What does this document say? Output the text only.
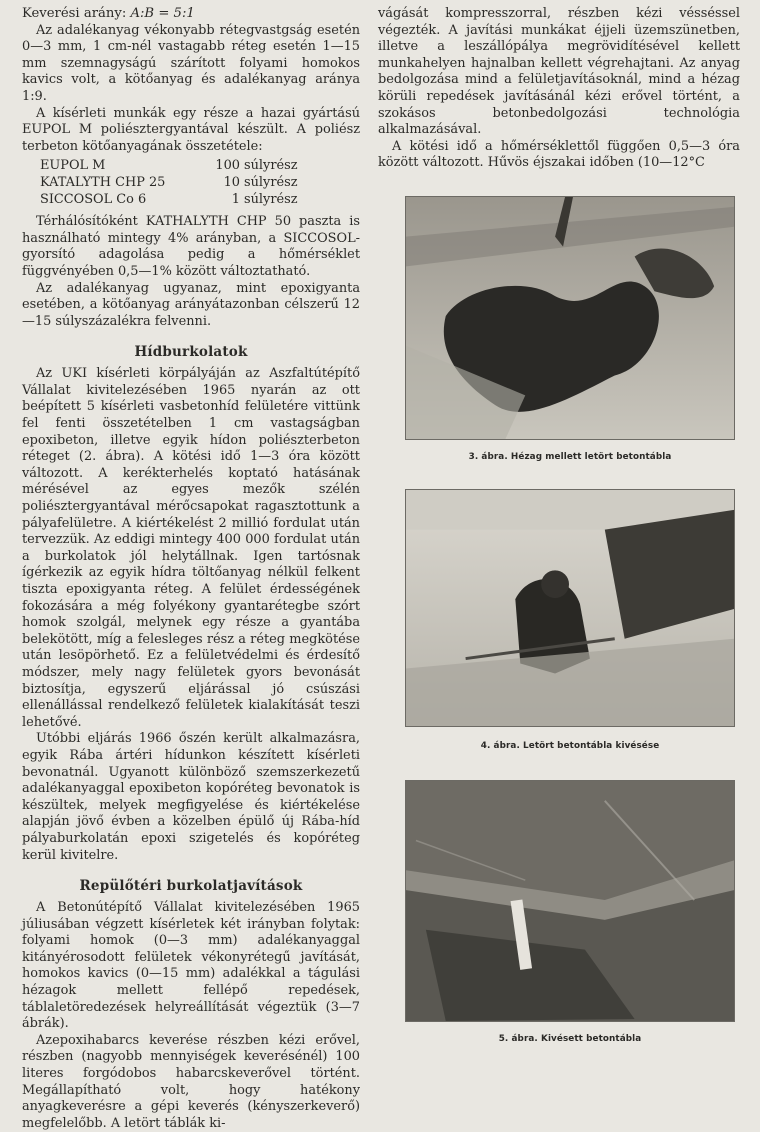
Keverési arány: A:B = 5:1

Az adalékanyag vékonyabb rétegvastgság esetén 0—3 mm, 1 cm-nél vastagabb réteg esetén 1—15 mm szemnagyságú szárított folyami homokos kavics volt, a kötőanyag és adalékanyag aránya 1:9.

A kísérleti munkák egy része a hazai gyártású EUPOL M poliésztergyantával készült. A poliész terbeton kötőanyagának összetétele:

EUPOL M	100	súlyrész
KATALYTH CHP 25	10	súlyrész
SICCOSOL Co 6	1	súlyrész

Térhálósítóként KATHALYTH CHP 50 paszta is használható mintegy 4% arányban, a SICCOSOL-gyorsító adagolása pedig a hőmérséklet függvényében 0,5—1% között változtatható.

Az adalékanyag ugyanaz, mint epoxigyanta esetében, a kötőanyag arányátazonban célszerű 12—15 súlyszázalékra felvenni.

Hídburkolatok

Az UKI kísérleti körpályáján az Aszfaltútépítő Vállalat kivitelezésében 1965 nyarán az ott beépített 5 kísérleti vasbetonhíd felületére vittünk fel fenti összetételben 1 cm vastagságban epoxibeton, illetve egyik hídon poliészterbeton réteget (2. ábra). A kötési idő 1—3 óra között változott. A kerékterhelés koptató hatásának mérésével az egyes mezők szélén poliésztergyantával mérőcsapokat ragasztottunk a pályafelületre. A kiértékelést 2 millió fordulat után tervezzük. Az eddigi mintegy 400 000 fordulat után a burkolatok jól helytállnak. Igen tartósnak ígérkezik az egyik hídra töltőanyag nélkül felkent tiszta epoxigyanta réteg. A felület érdességének fokozására a még folyékony gyantarétegbe szórt homok szolgál, melynek egy része a gyantába belekötött, míg a felesleges rész a réteg megkötése után lesöpörhető. Ez a felületvédelmi és érdesítő módszer, mely nagy felületek gyors bevonását biztosítja, egyszerű eljárással jó csúszási ellenállással rendelkező felületek kialakítását teszi lehetővé.

Utóbbi eljárás 1966 őszén került alkalmazásra, egyik Rába ártéri hídunkon készített kísérleti bevonatnál. Ugyanott különböző szemszerkezetű adalékanyaggal epoxibeton kopóréteg bevonatok is készültek, melyek megfigyelése és kiértékelése alapján jövő évben a közelben épülő új Rába-híd pályaburkolatán epoxi szigetelés és kopóréteg kerül kivitelre.

Repülőtéri burkolatjavítások

A Betonútépítő Vállalat kivitelezésében 1965 júliusában végzett kísérletek két irányban folytak: folyami homok (0—3 mm) adalékanyaggal kitányérosodott felületek vékonyrétegű javítását, homokos kavics (0—15 mm) adalékkal a tágulási hézagok mellett fellépő repedések, táblaletöredezések helyreállítását végeztük (3—7 ábrák).

Azepoxihabarcs keverése részben kézi erővel, részben (nagyobb mennyiségek keverésénél) 100 literes forgódobos habarcskeverővel történt. Megállapítható volt, hogy hatékony anyagkeverésre a gépi keverés (kényszerkeverő) megfelelőbb. A letört táblák ki-

vágását kompresszorral, részben kézi vésséssel végezték. A javítási munkákat éjjeli üzemszünetben, illetve a leszállópálya megrövidítésével kellett munkahelyen hajnalban kellett végrehajtani. Az anyag bedolgozása mind a felületjavításoknál, mind a hézag körüli repedések javításánál kézi erővel történt, a szokásos betonbedolgozási technológia alkalmazásával.

A kötési idő a hőmérséklettől függően 0,5—3 óra között változott. Hűvös éjszakai időben (10—12°C

3. ábra. Hézag mellett letört betontábla
4. ábra. Letört betontábla kivésése
5. ábra. Kivésett betontábla
